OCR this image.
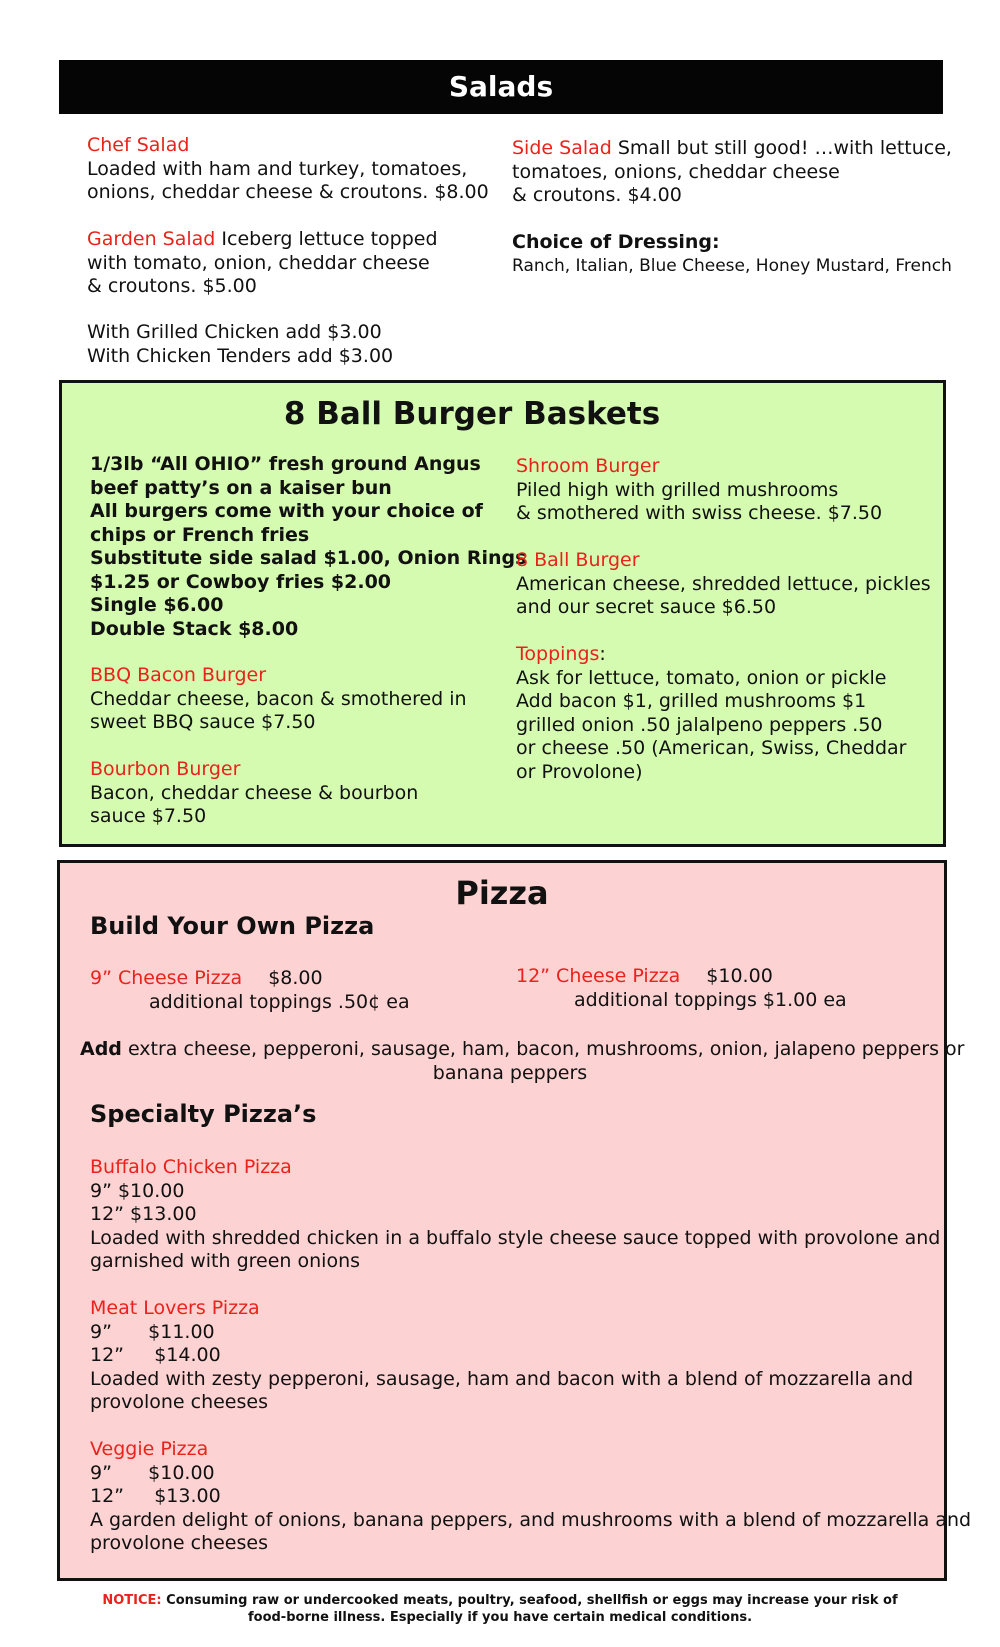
Salads
Chef Salad
Loaded with ham and turkey, tomatoes,
onions, cheddar cheese & croutons. $8.00
Garden Salad Iceberg lettuce topped
with tomato, onion, cheddar cheese
& croutons. $5.00
With Grilled Chicken add $3.00
With Chicken Tenders add $3.00
Side Salad Small but still good! …with lettuce,
tomatoes, onions, cheddar cheese
& croutons. $4.00
Choice of Dressing:
Ranch, Italian, Blue Cheese, Honey Mustard, French
8 Ball Burger Baskets
1/3lb “All OHIO” fresh ground Angus
beef patty’s on a kaiser bun
All burgers come with your choice of
chips or French fries
Substitute side salad $1.00, Onion Rings
$1.25 or Cowboy fries $2.00
Single $6.00
Double Stack $8.00
BBQ Bacon Burger
Cheddar cheese, bacon & smothered in
sweet BBQ sauce $7.50
Bourbon Burger
Bacon, cheddar cheese & bourbon
sauce $7.50
Shroom Burger
Piled high with grilled mushrooms
& smothered with swiss cheese. $7.50
8 Ball Burger
American cheese, shredded lettuce, pickles
and our secret sauce $6.50
Toppings:
Ask for lettuce, tomato, onion or pickle
Add bacon $1, grilled mushrooms $1
grilled onion .50 jalalpeno peppers .50
or cheese .50 (American, Swiss, Cheddar
or Provolone)
Pizza
Build Your Own Pizza
9” Cheese Pizza $8.00
additional toppings .50¢ ea
12” Cheese Pizza $10.00
additional toppings $1.00 ea
Add extra cheese, pepperoni, sausage, ham, bacon, mushrooms, onion, jalapeno peppers or
banana peppers
Specialty Pizza’s
Buffalo Chicken Pizza
9” $10.00
12” $13.00
Loaded with shredded chicken in a buffalo style cheese sauce topped with provolone and
garnished with green onions
Meat Lovers Pizza
9”      $11.00
12”     $14.00
Loaded with zesty pepperoni, sausage, ham and bacon with a blend of mozzarella and
provolone cheeses
Veggie Pizza
9”      $10.00
12”     $13.00
A garden delight of onions, banana peppers, and mushrooms with a blend of mozzarella and
provolone cheeses
NOTICE: Consuming raw or undercooked meats, poultry, seafood, shellfish or eggs may increase your risk of
food-borne illness. Especially if you have certain medical conditions.
